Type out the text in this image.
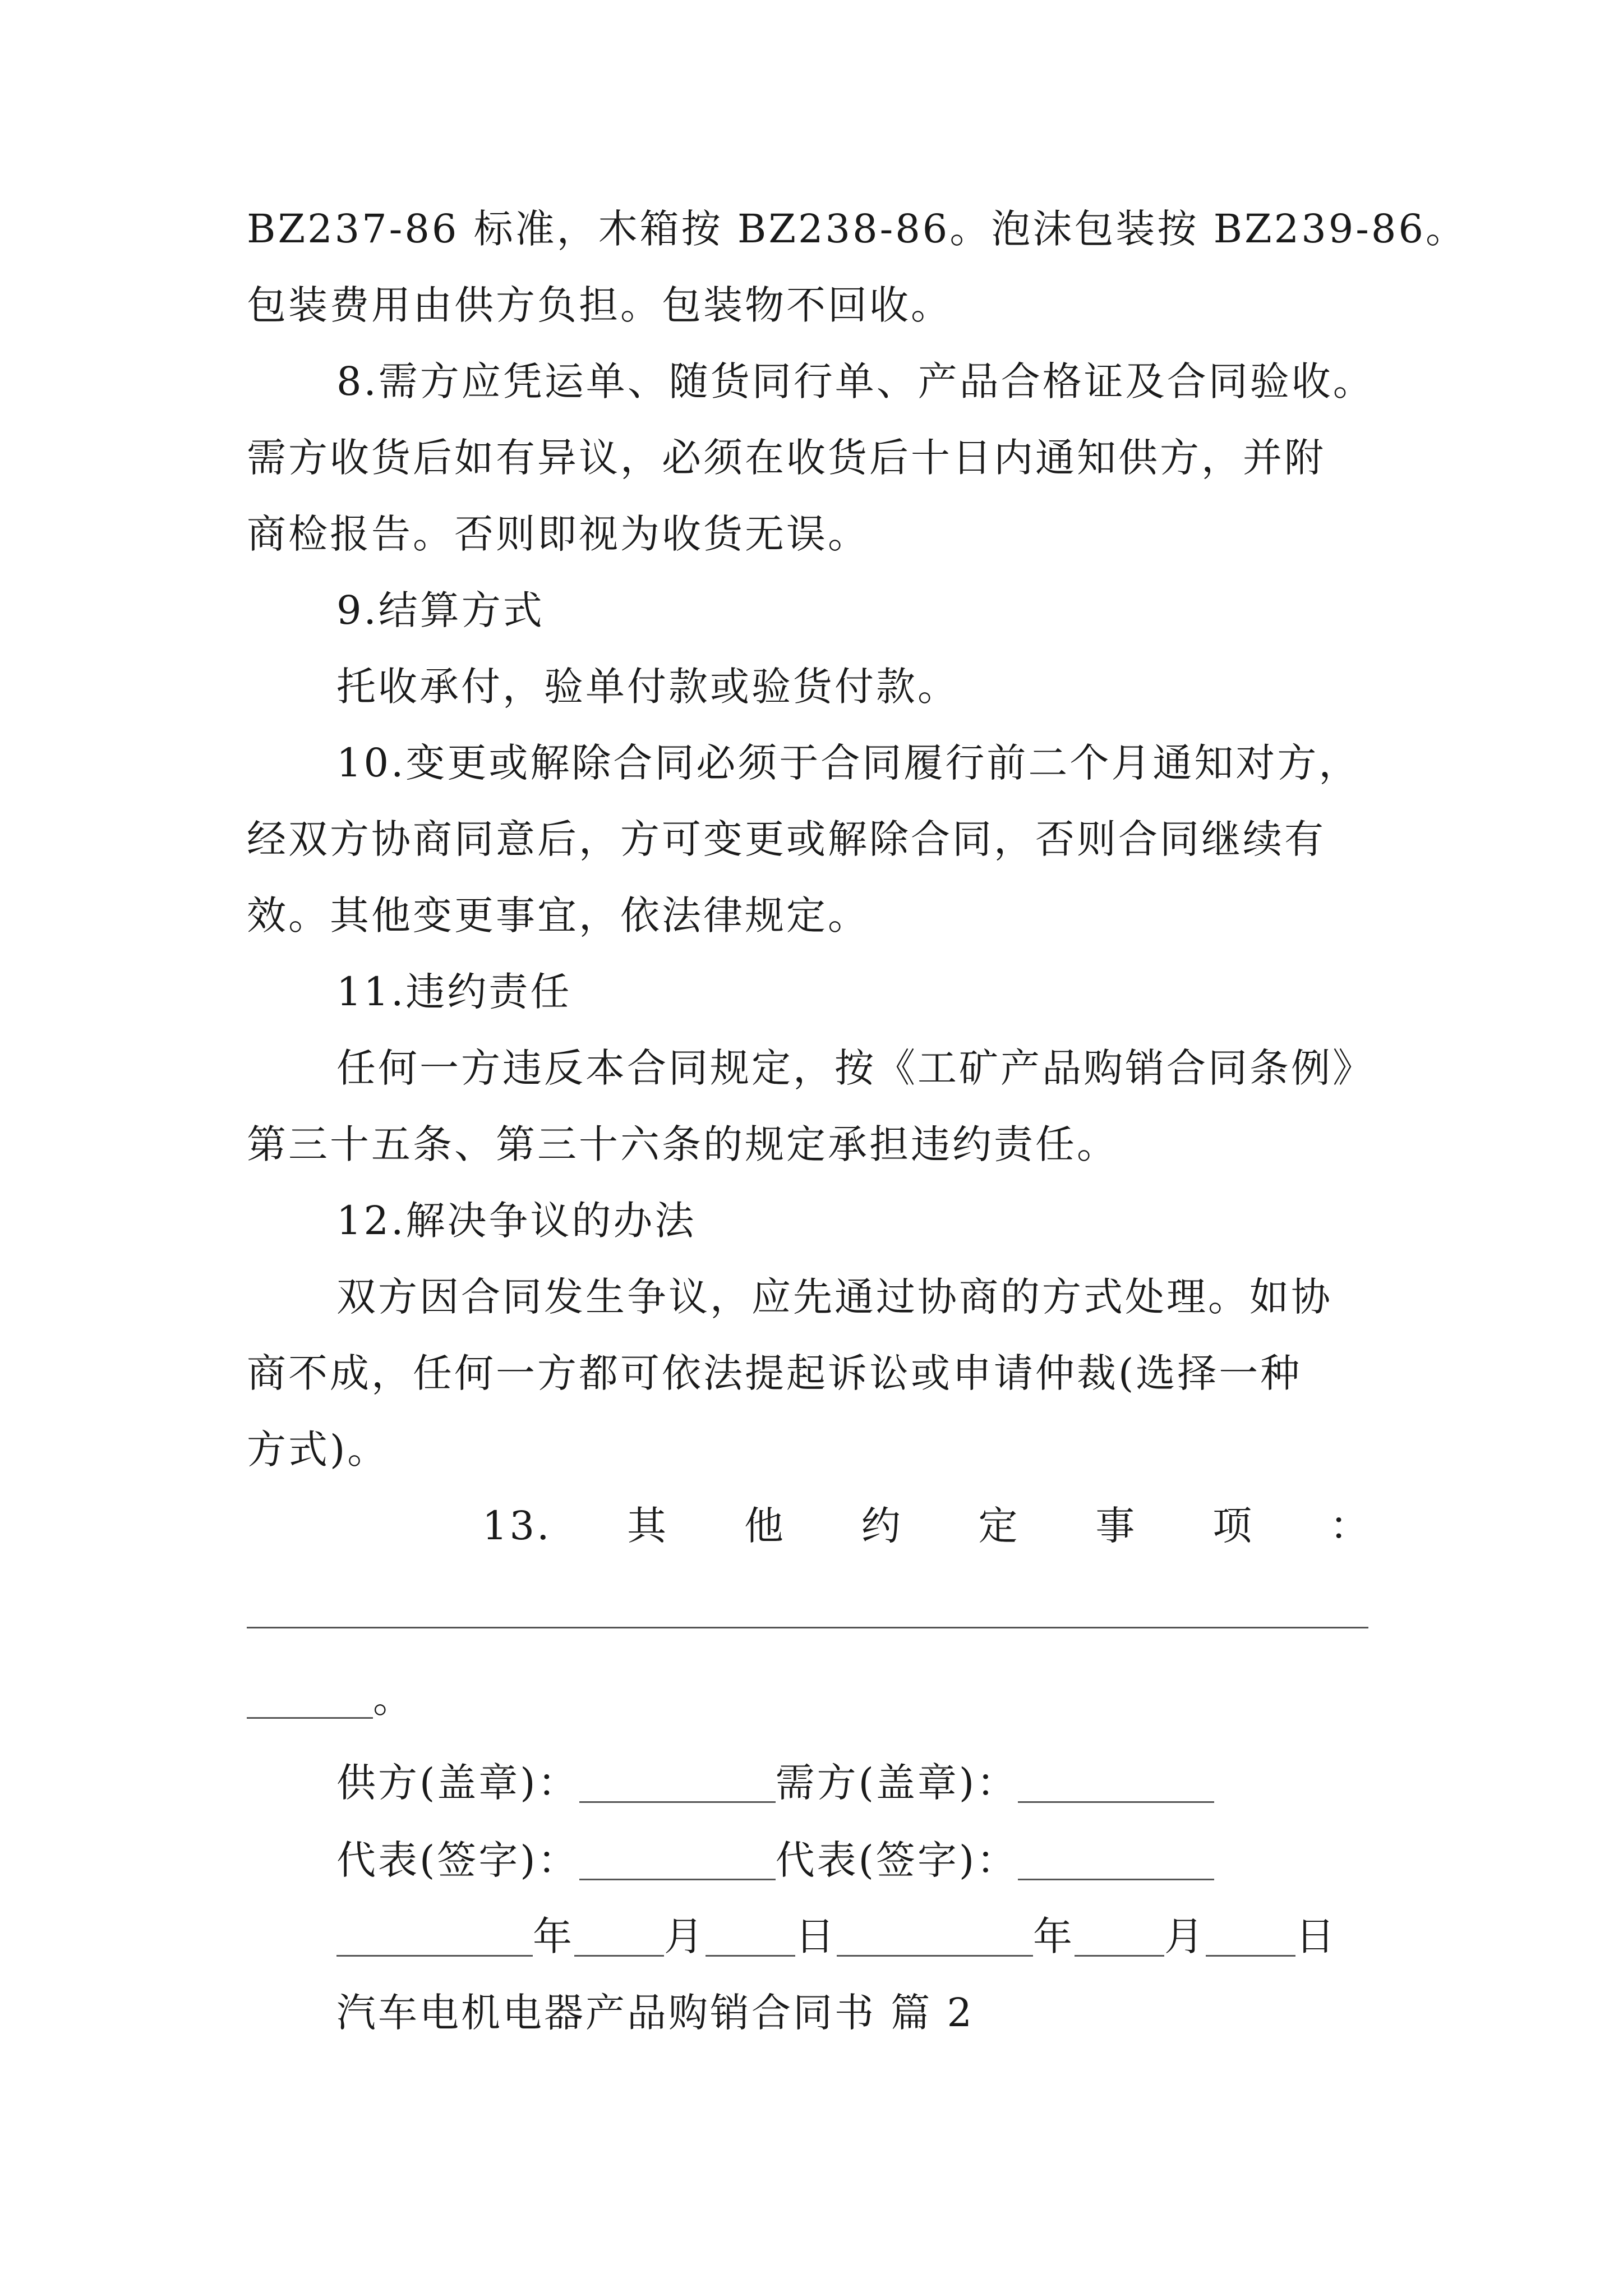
BZ237-86 标准，木箱按 BZ238-86。泡沫包装按 BZ239-86。
包装费用由供方负担。包装物不回收。
8.需方应凭运单、随货同行单、产品合格证及合同验收。
需方收货后如有异议，必须在收货后十日内通知供方，并附
商检报告。否则即视为收货无误。
9.结算方式
托收承付，验单付款或验货付款。
10.变更或解除合同必须于合同履行前二个月通知对方，
经双方协商同意后，方可变更或解除合同，否则合同继续有
效。其他变更事宜，依法律规定。
11.违约责任
任何一方违反本合同规定，按《工矿产品购销合同条例》
第三十五条、第三十六条的规定承担违约责任。
12.解决争议的办法
双方因合同发生争议，应先通过协商的方式处理。如协
商不成，任何一方都可依法提起诉讼或申请仲裁(选择一种
方式)。
13. 其 他 约 定 事 项 ：
。
供方(盖章)：	需方(盖章)：
代表(签字)：	代表(签字)：
年 月 日	年 月 日
汽车电机电器产品购销合同书 篇 2
